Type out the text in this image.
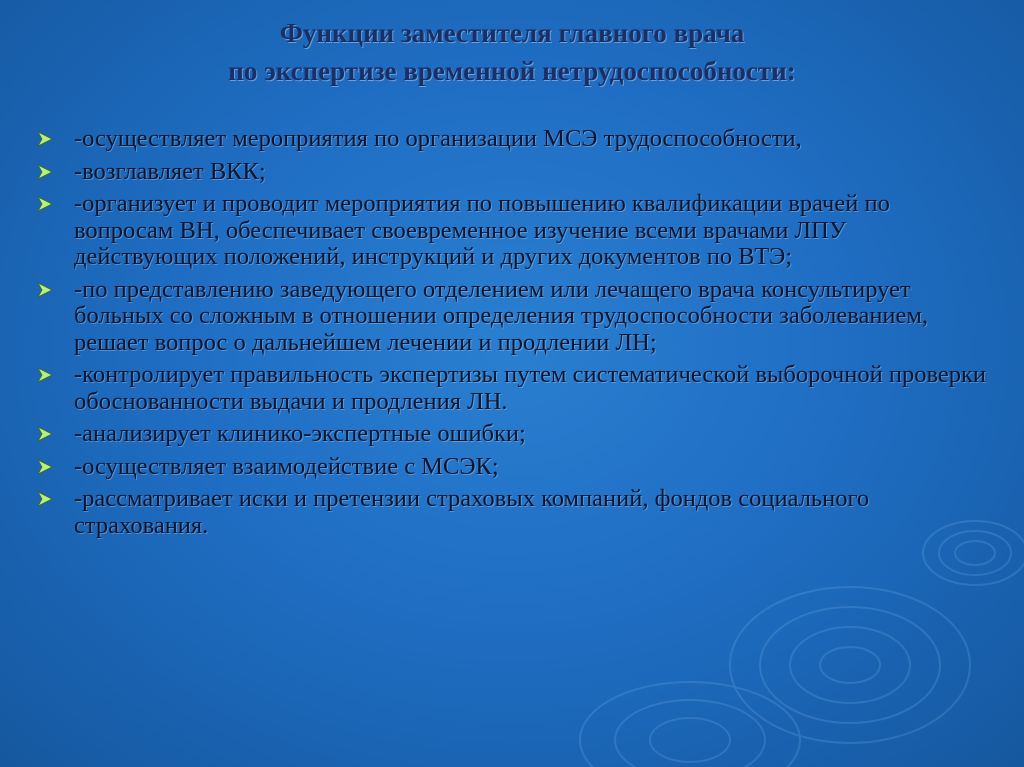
Функции заместителя главного врача
по экспертизе временной нетрудоспособности:
-осуществляет мероприятия по организации МСЭ трудоспособности,
-возглавляет ВКК;
-организует и проводит мероприятия по повышению квалификации врачей по вопросам ВН, обеспечивает своевременное изучение всеми врачами ЛПУ действующих положений, инструкций и других документов по ВТЭ;
-по представлению заведующего отделением или лечащего врача консультирует больных со сложным в отношении определения трудоспособности заболеванием, решает вопрос о дальнейшем лечении и продлении ЛН;
-контролирует правильность экспертизы путем систематической выборочной проверки обоснованности выдачи и продления ЛН.
-анализирует клинико-экспертные ошибки;
-осуществляет взаимодействие с МСЭК;
-рассматривает иски и претензии страховых компаний, фондов социального страхования.
